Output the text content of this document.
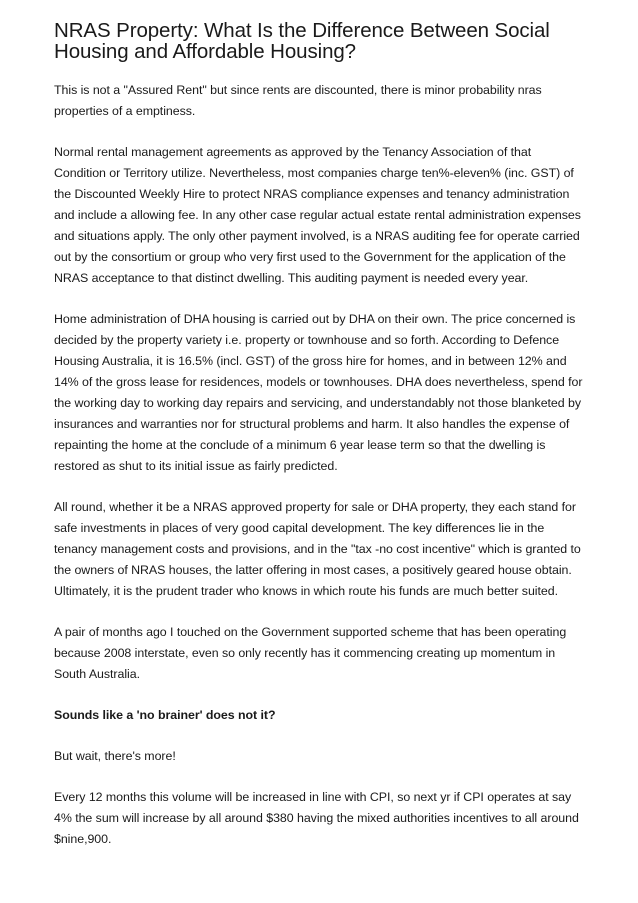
NRAS Property: What Is the Difference Between Social Housing and Affordable Housing?

This is not a "Assured Rent" but since rents are discounted, there is minor probability nras properties of a emptiness.

Normal rental management agreements as approved by the Tenancy Association of that Condition or Territory utilize. Nevertheless, most companies charge ten%-eleven% (inc. GST) of the Discounted Weekly Hire to protect NRAS compliance expenses and tenancy administration and include a allowing fee. In any other case regular actual estate rental administration expenses and situations apply. The only other payment involved, is a NRAS auditing fee for operate carried out by the consortium or group who very first used to the Government for the application of the NRAS acceptance to that distinct dwelling. This auditing payment is needed every year.

Home administration of DHA housing is carried out by DHA on their own. The price concerned is decided by the property variety i.e. property or townhouse and so forth. According to Defence Housing Australia, it is 16.5% (incl. GST) of the gross hire for homes, and in between 12% and 14% of the gross lease for residences, models or townhouses. DHA does nevertheless, spend for the working day to working day repairs and servicing, and understandably not those blanketed by insurances and warranties nor for structural problems and harm. It also handles the expense of repainting the home at the conclude of a minimum 6 year lease term so that the dwelling is restored as shut to its initial issue as fairly predicted.

All round, whether it be a NRAS approved property for sale or DHA property, they each stand for safe investments in places of very good capital development. The key differences lie in the tenancy management costs and provisions, and in the "tax -no cost incentive" which is granted to the owners of NRAS houses, the latter offering in most cases, a positively geared house obtain. Ultimately, it is the prudent trader who knows in which route his funds are much better suited.

A pair of months ago I touched on the Government supported scheme that has been operating because 2008 interstate, even so only recently has it commencing creating up momentum in South Australia.

Sounds like a 'no brainer' does not it?

But wait, there's more!

Every 12 months this volume will be increased in line with CPI, so next yr if CPI operates at say 4% the sum will increase by all around $380 having the mixed authorities incentives to all around $nine,900.
